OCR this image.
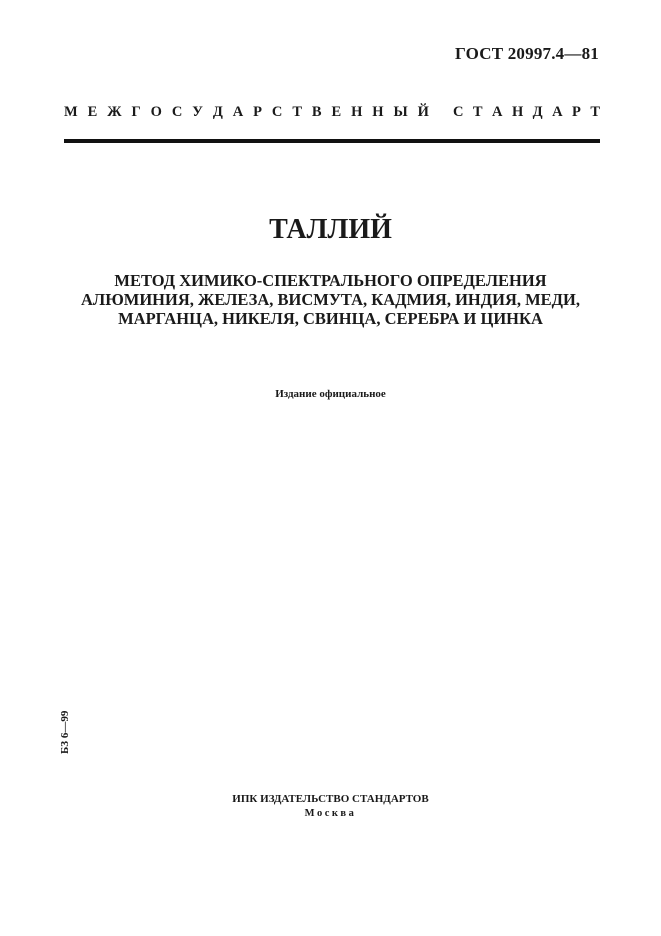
ГОСТ 20997.4—81
М Е Ж Г О С У Д А Р С Т В Е Н Н Ы Й С Т А Н Д А Р Т
ТАЛЛИЙ
МЕТОД ХИМИКО-СПЕКТРАЛЬНОГО ОПРЕДЕЛЕНИЯ
АЛЮМИНИЯ, ЖЕЛЕЗА, ВИСМУТА, КАДМИЯ, ИНДИЯ, МЕДИ,
МАРГАНЦА, НИКЕЛЯ, СВИНЦА, СЕРЕБРА И ЦИНКА
Издание официальное
БЗ 6—99
ИПК ИЗДАТЕЛЬСТВО СТАНДАРТОВ
Москва
